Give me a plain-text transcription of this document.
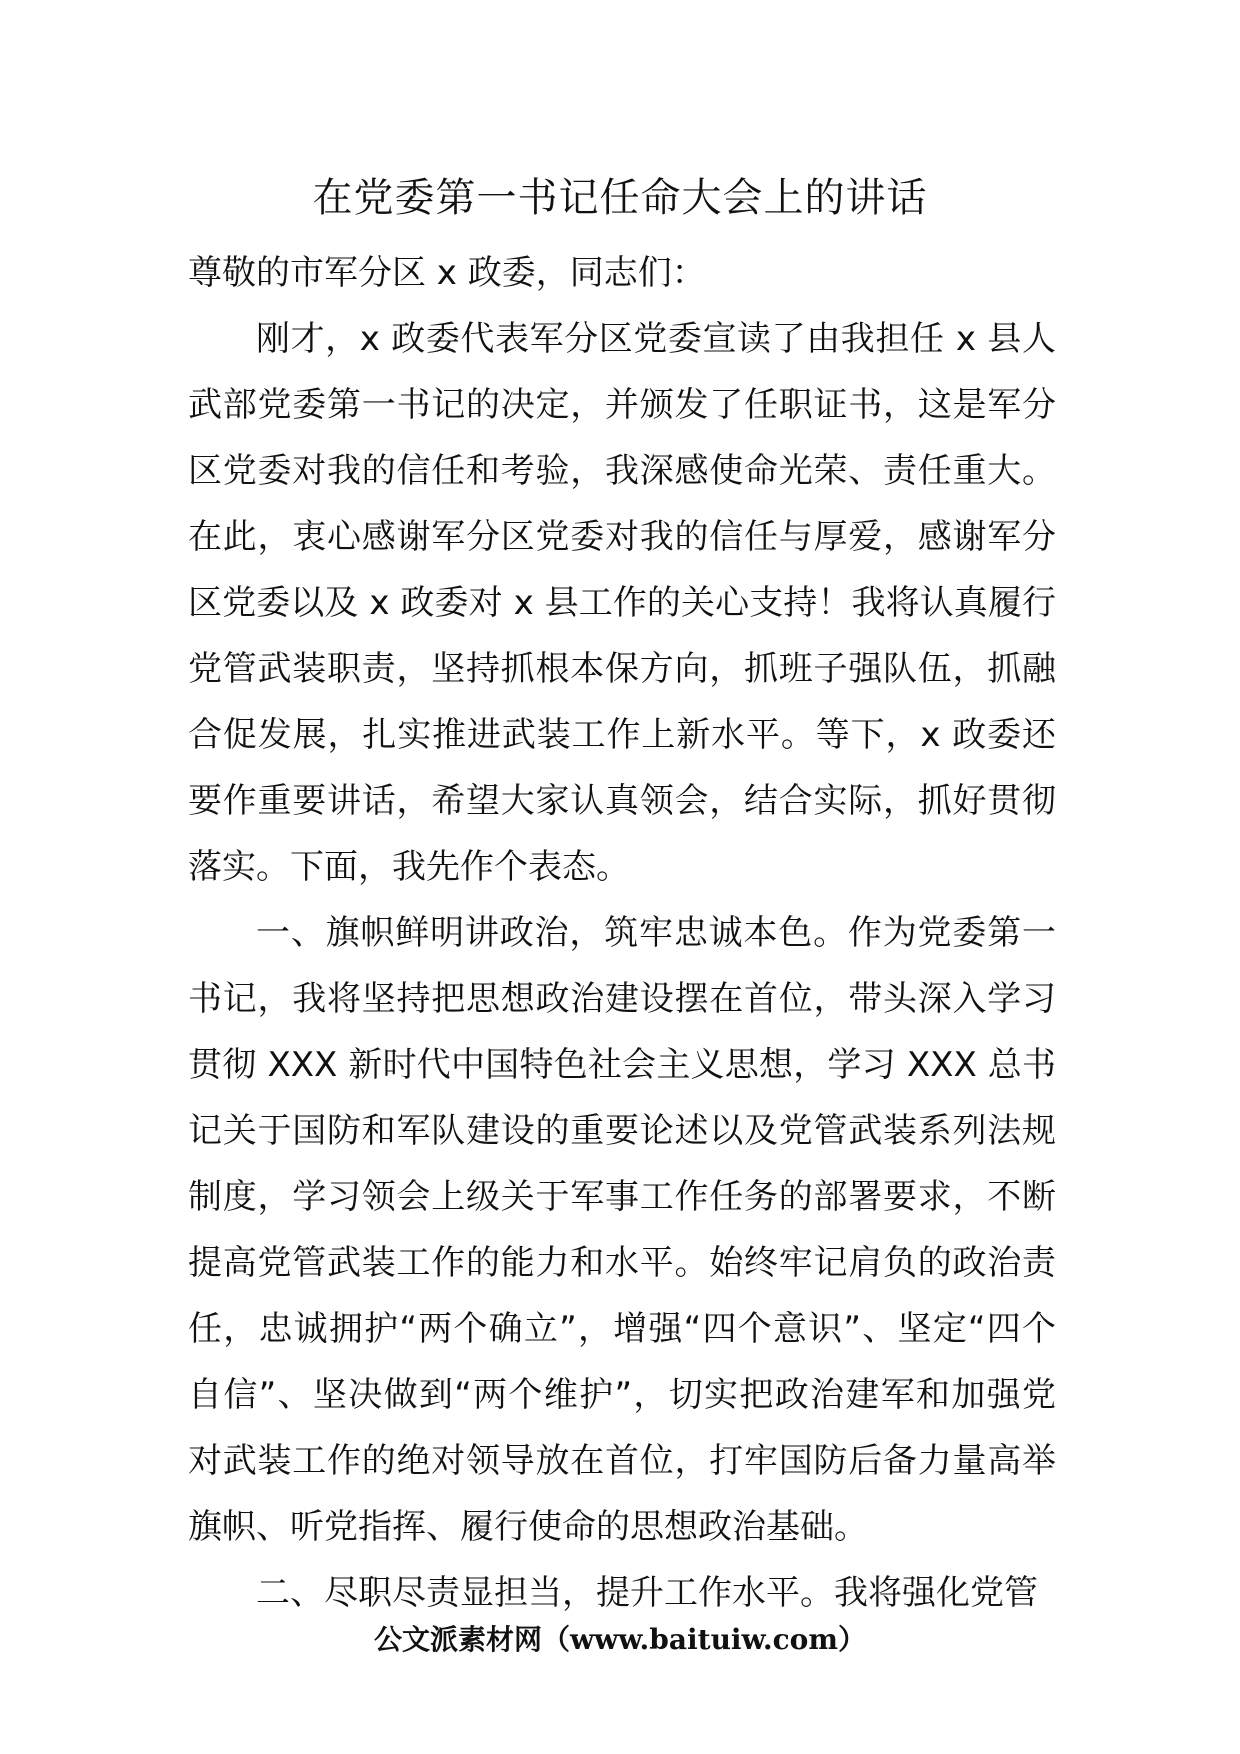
在党委第一书记任命大会上的讲话

尊敬的市军分区 x 政委，同志们：

刚才，x 政委代表军分区党委宣读了由我担任 x 县人武部党委第一书记的决定，并颁发了任职证书，这是军分区党委对我的信任和考验，我深感使命光荣、责任重大。在此，衷心感谢军分区党委对我的信任与厚爱，感谢军分区党委以及 x 政委对 x 县工作的关心支持！我将认真履行党管武装职责，坚持抓根本保方向，抓班子强队伍，抓融合促发展，扎实推进武装工作上新水平。等下，x 政委还要作重要讲话，希望大家认真领会，结合实际，抓好贯彻落实。下面，我先作个表态。

一、旗帜鲜明讲政治，筑牢忠诚本色。作为党委第一书记，我将坚持把思想政治建设摆在首位，带头深入学习贯彻 XXX 新时代中国特色社会主义思想，学习 XXX 总书记关于国防和军队建设的重要论述以及党管武装系列法规制度，学习领会上级关于军事工作任务的部署要求，不断提高党管武装工作的能力和水平。始终牢记肩负的政治责任，忠诚拥护“两个确立”，增强“四个意识”、坚定“四个自信”、坚决做到“两个维护”，切实把政治建军和加强党对武装工作的绝对领导放在首位，打牢国防后备力量高举旗帜、听党指挥、履行使命的思想政治基础。

二、尽职尽责显担当，提升工作水平。我将强化党管

公文派素材网（www.baituiw.com）
